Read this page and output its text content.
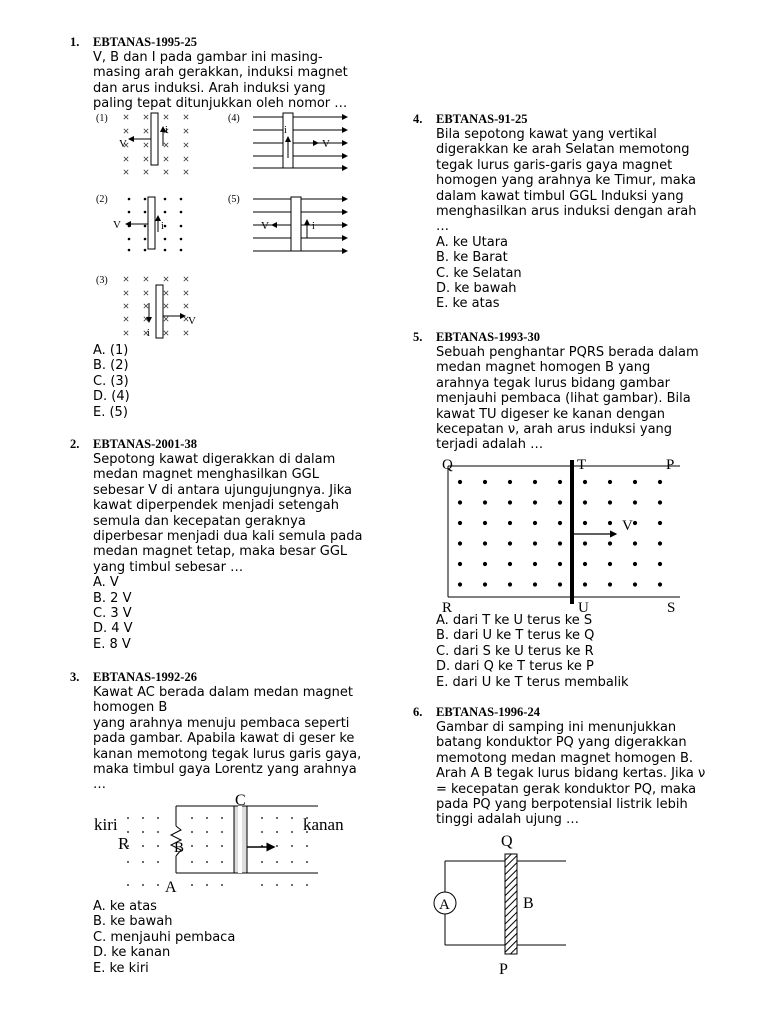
1. EBTANAS-1995-25
V, B dan I pada gambar ini masing-
masing arah gerakkan, induksi magnet
dan arus induksi. Arah induksi yang
paling tepat ditunjukkan oleh nomor …
(1)
V
i
(2)
V	i
(3)
V
i
(4)
i
V
(5)
V	i
A. (1)
B. (2)
C. (3)
D. (4)
E. (5)
2. EBTANAS-2001-38
Sepotong kawat digerakkan di dalam
medan magnet menghasilkan GGL
sebesar V di antara ujungujungnya. Jika
kawat diperpendek menjadi setengah
semula dan kecepatan geraknya
diperbesar menjadi dua kali semula pada
medan magnet tetap, maka besar GGL
yang timbul sebesar …
A. V
B. 2 V
C. 3 V
D. 4 V
E. 8 V
3. EBTANAS-1992-26
Kawat AC berada dalam medan magnet
homogen B
yang arahnya menuju pembaca seperti
pada gambar. Apabila kawat di geser ke
kanan memotong tegak lurus garis gaya,
maka timbul gaya Lorentz yang arahnya
…
kiri	kanan
C
R	B
A
A. ke atas
B. ke bawah
C. menjauhi pembaca
D. ke kanan
E. ke kiri
4. EBTANAS-91-25
Bila sepotong kawat yang vertikal
digerakkan ke arah Selatan memotong
tegak lurus garis-garis gaya magnet
homogen yang arahnya ke Timur, maka
dalam kawat timbul GGL Induksi yang
menghasilkan arus induksi dengan arah
…
A. ke Utara
B. ke Barat
C. ke Selatan
D. ke bawah
E. ke atas
5. EBTANAS-1993-30
Sebuah penghantar PQRS berada dalam
medan magnet homogen B yang
arahnya tegak lurus bidang gambar
menjauhi pembaca (lihat gambar). Bila
kawat TU digeser ke kanan dengan
kecepatan ν, arah arus induksi yang
terjadi adalah …
Q	T	P
V
R	U	S
A. dari T ke U terus ke S
B. dari U ke T terus ke Q
C. dari S ke U terus ke R
D. dari Q ke T terus ke P
E. dari U ke T terus membalik
6. EBTANAS-1996-24
Gambar di samping ini menunjukkan
batang konduktor PQ yang digerakkan
memotong medan magnet homogen B.
Arah A B tegak lurus bidang kertas. Jika ν
= kecepatan gerak konduktor PQ, maka
pada PQ yang berpotensial listrik lebih
tinggi adalah ujung …
Q
A	B
P
